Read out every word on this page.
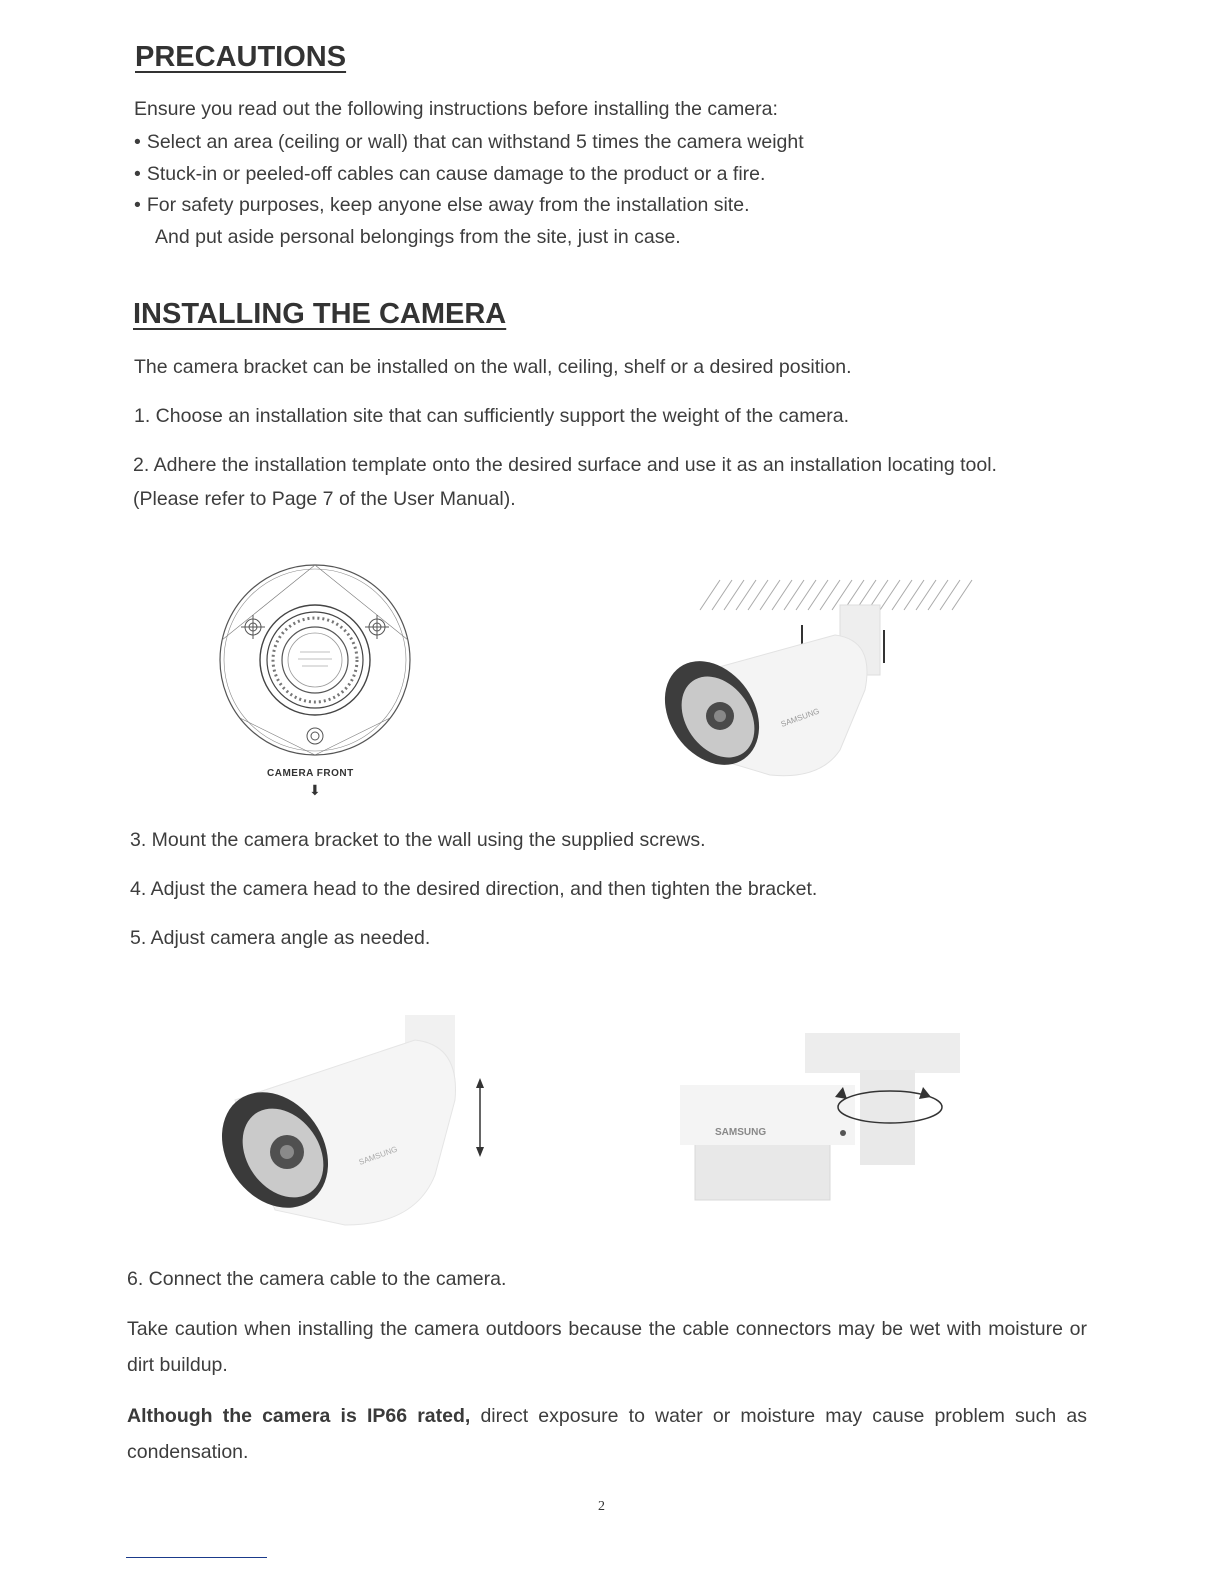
PRECAUTIONS
Ensure you read out the following instructions before installing the camera:
• Select an area (ceiling or wall) that can withstand 5 times the camera weight
• Stuck-in or peeled-off cables can cause damage to the product or a fire.
• For safety purposes, keep anyone else away from the installation site.
And put aside personal belongings from the site, just in case.
INSTALLING THE CAMERA
The camera bracket can be installed on the wall, ceiling, shelf or a desired position.
1. Choose an installation site that can sufficiently support the weight of the camera.
2. Adhere the installation template onto the desired surface and use it as an installation locating tool.
(Please refer to Page 7 of the User Manual).
CAMERA FRONT
⬇
SAMSUNG
3. Mount the camera bracket to the wall using the supplied screws.
4. Adjust the camera head to the desired direction, and then tighten the bracket.
5. Adjust camera angle as needed.
SAMSUNG
SAMSUNG
6. Connect the camera cable to the camera.
Take caution when installing the camera outdoors because the cable connectors may be wet with moisture or dirt buildup.
Although the camera is IP66 rated, direct exposure to water or moisture may cause problem such as condensation.
2
